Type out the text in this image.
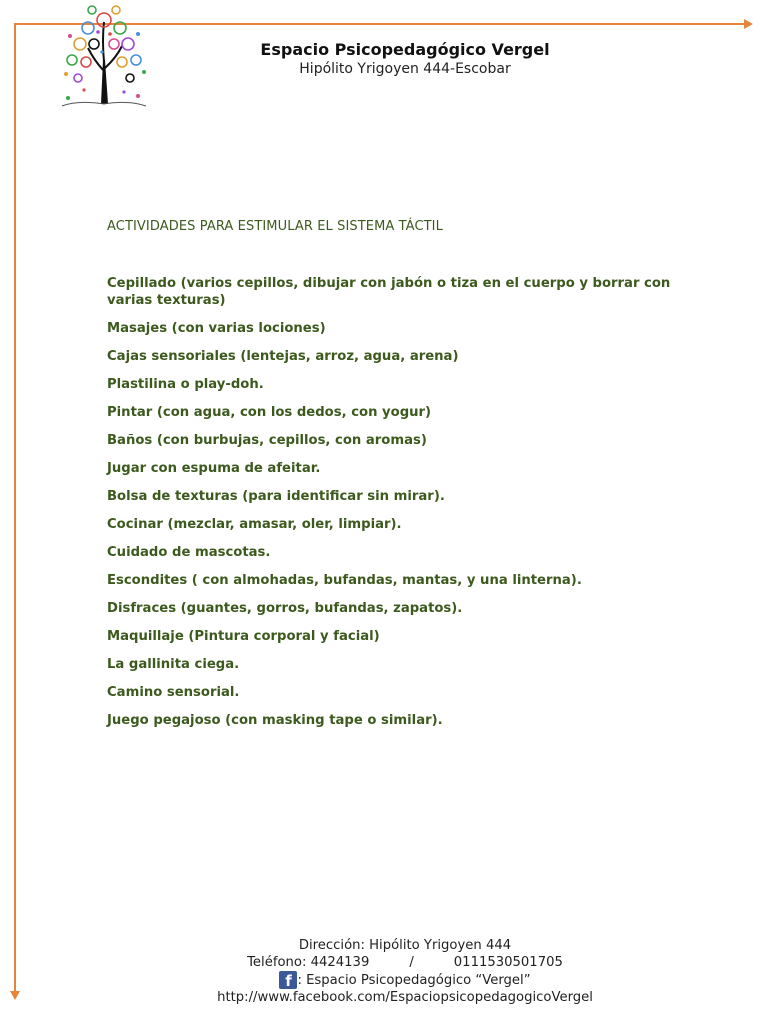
Espacio Psicopedagógico Vergel
Hipólito Yrigoyen 444-Escobar
ACTIVIDADES PARA ESTIMULAR EL SISTEMA TÁCTIL
Cepillado (varios cepillos, dibujar con jabón o tiza en el cuerpo y borrar con varias texturas)
Masajes (con varias lociones)
Cajas sensoriales (lentejas, arroz, agua, arena)
Plastilina o play-doh.
Pintar (con agua, con los dedos, con yogur)
Baños (con burbujas, cepillos, con aromas)
Jugar con espuma de afeitar.
Bolsa de texturas (para identificar sin mirar).
Cocinar (mezclar, amasar, oler, limpiar).
Cuidado de mascotas.
Escondites ( con almohadas, bufandas, mantas, y una linterna).
Disfraces (guantes, gorros, bufandas, zapatos).
Maquillaje (Pintura corporal y facial)
La gallinita ciega.
Camino sensorial.
Juego pegajoso (con masking tape o similar).
Dirección: Hipólito Yrigoyen 444
Teléfono: 4424139	/	0111530501705
f : Espacio Psicopedagógico “Vergel”
http://www.facebook.com/EspaciopsicopedagogicoVergel
